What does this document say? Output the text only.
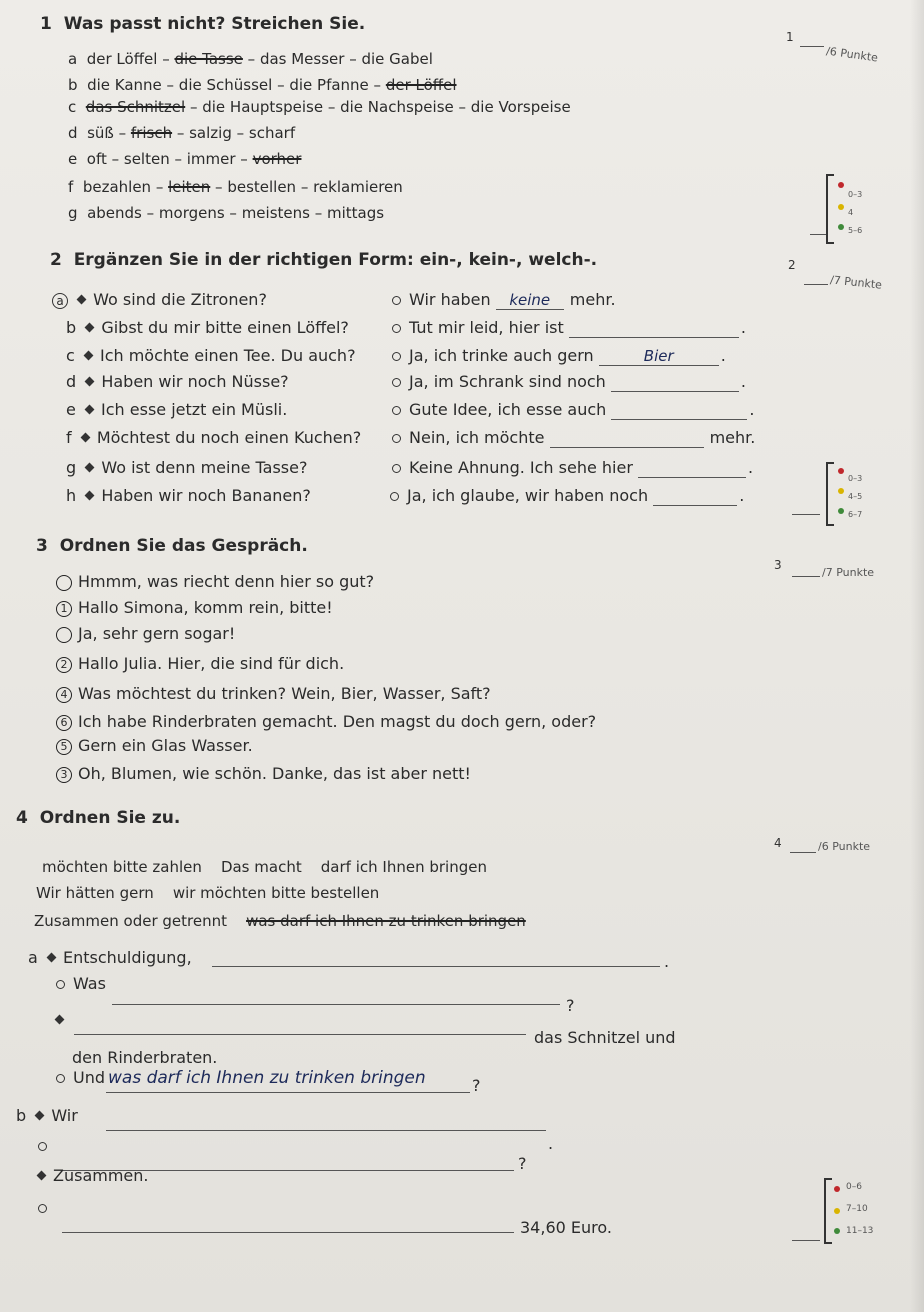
1 Was passt nicht? Streichen Sie.
a der Löffel – die Tasse – das Messer – die Gabel
b die Kanne – die Schüssel – die Pfanne – der Löffel
c das Schnitzel – die Hauptspeise – die Nachspeise – die Vorspeise
d süß – frisch – salzig – scharf
e oft – selten – immer – vorher
f bezahlen – leiten – bestellen – reklamieren
g abends – morgens – meistens – mittags
1
/6 Punkte
0–3
4
5–6
2 Ergänzen Sie in der richtigen Form: ein-, kein-, welch-.
a Wo sind die Zitronen?	Wir haben keine mehr.
b Gibst du mir bitte einen Löffel?	Tut mir leid, hier ist	.
c Ich möchte einen Tee. Du auch?	Ja, ich trinke auch gern	Bier	.
d Haben wir noch Nüsse?	Ja, im Schrank sind noch	.
e Ich esse jetzt ein Müsli.	Gute Idee, ich esse auch	.
f Möchtest du noch einen Kuchen?	Nein, ich möchte	mehr.
g Wo ist denn meine Tasse?	Keine Ahnung. Ich sehe hier	.
h Haben wir noch Bananen?	Ja, ich glaube, wir haben noch	.
2
/7 Punkte
0–3
4–5
6–7
3 Ordnen Sie das Gespräch.
Hmmm, was riecht denn hier so gut?
1 Hallo Simona, komm rein, bitte!
Ja, sehr gern sogar!
2 Hallo Julia. Hier, die sind für dich.
4 Was möchtest du trinken? Wein, Bier, Wasser, Saft?
6 Ich habe Rinderbraten gemacht. Den magst du doch gern, oder?
5 Gern ein Glas Wasser.
3 Oh, Blumen, wie schön. Danke, das ist aber nett!
3
/7 Punkte
4 Ordnen Sie zu.
möchten bitte zahlen Das macht darf ich Ihnen bringen
Wir hätten gern wir möchten bitte bestellen
Zusammen oder getrennt was darf ich Ihnen zu trinken bringen
a Entschuldigung,	.
Was
?
das Schnitzel und
den Rinderbraten.
Und was darf ich Ihnen zu trinken bringen	?
b Wir
.
?
Zusammen.
34,60 Euro.
4	/6 Punkte
0–6
7–10
11–13
